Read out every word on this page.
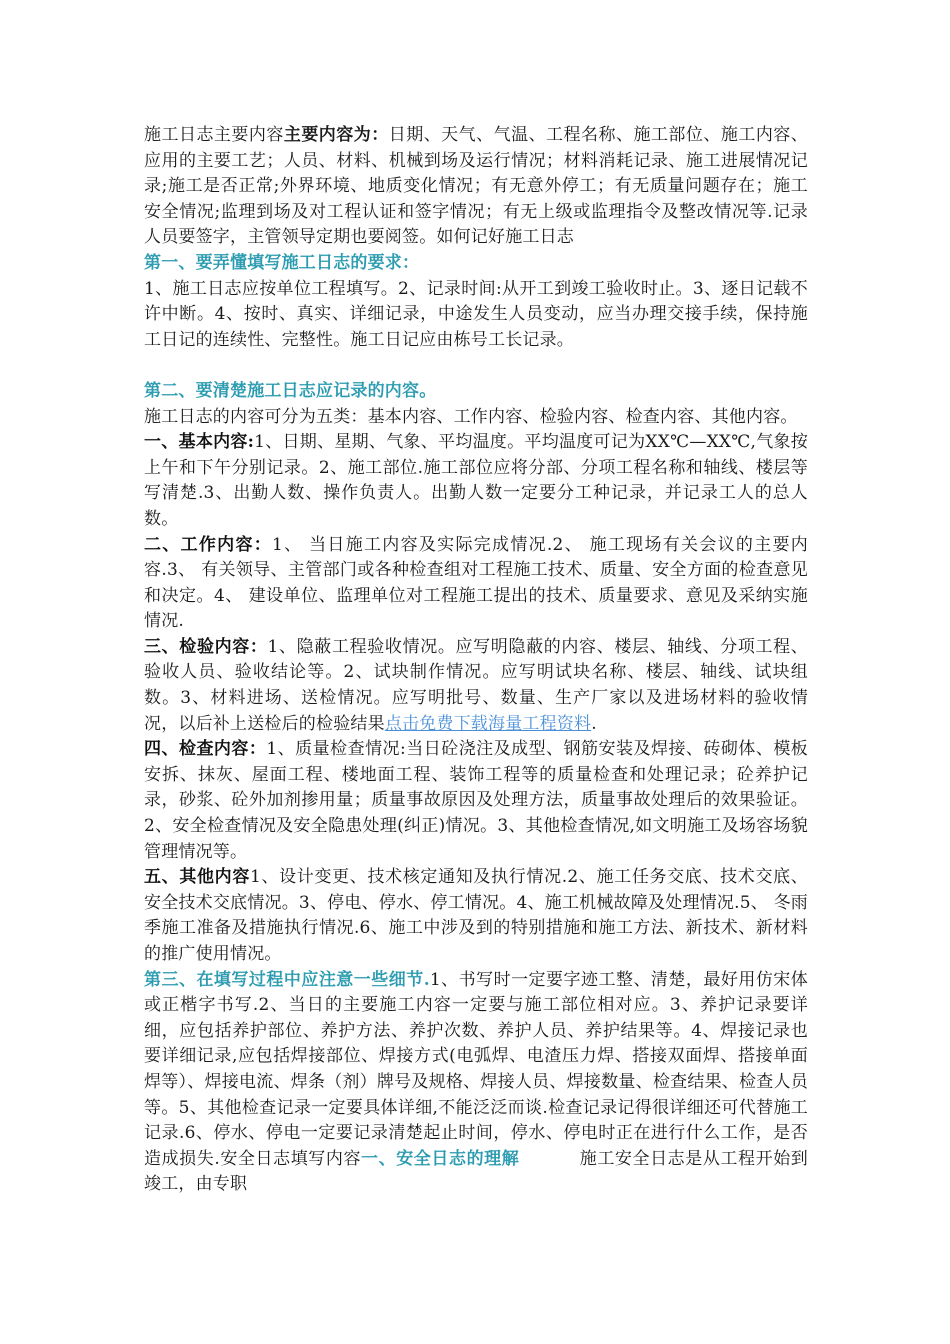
施工日志主要内容主要内容为：日期、天气、气温、工程名称、施工部位、施工内容、应用的主要工艺；人员、材料、机械到场及运行情况；材料消耗记录、施工进展情况记录;施工是否正常;外界环境、地质变化情况；有无意外停工；有无质量问题存在；施工安全情况;监理到场及对工程认证和签字情况；有无上级或监理指令及整改情况等.记录人员要签字，主管领导定期也要阅签。如何记好施工日志

第一、要弄懂填写施工日志的要求：

1、施工日志应按单位工程填写。2、记录时间:从开工到竣工验收时止。3、逐日记载不许中断。4、按时、真实、详细记录，中途发生人员变动，应当办理交接手续，保持施工日记的连续性、完整性。施工日记应由栋号工长记录。

第二、要清楚施工日志应记录的内容。

施工日志的内容可分为五类：基本内容、工作内容、检验内容、检查内容、其他内容。

一、基本内容:1、日期、星期、气象、平均温度。平均温度可记为XX℃—XX℃,气象按上午和下午分别记录。2、施工部位.施工部位应将分部、分项工程名称和轴线、楼层等写清楚.3、出勤人数、操作负责人。出勤人数一定要分工种记录，并记录工人的总人数。

二、工作内容：1、 当日施工内容及实际完成情况.2、 施工现场有关会议的主要内容.3、 有关领导、主管部门或各种检查组对工程施工技术、质量、安全方面的检查意见和决定。4、 建设单位、监理单位对工程施工提出的技术、质量要求、意见及采纳实施情况.

三、检验内容：1、隐蔽工程验收情况。应写明隐蔽的内容、楼层、轴线、分项工程、验收人员、验收结论等。2、试块制作情况。应写明试块名称、楼层、轴线、试块组数。3、材料进场、送检情况。应写明批号、数量、生产厂家以及进场材料的验收情况，以后补上送检后的检验结果点击免费下载海量工程资料.

四、检查内容：1、质量检查情况:当日砼浇注及成型、钢筋安装及焊接、砖砌体、模板安拆、抹灰、屋面工程、楼地面工程、装饰工程等的质量检查和处理记录；砼养护记录，砂浆、砼外加剂掺用量；质量事故原因及处理方法，质量事故处理后的效果验证。2、安全检查情况及安全隐患处理(纠正)情况。3、其他检查情况,如文明施工及场容场貌管理情况等。

五、其他内容1、设计变更、技术核定通知及执行情况.2、施工任务交底、技术交底、安全技术交底情况。3、停电、停水、停工情况。4、施工机械故障及处理情况.5、 冬雨季施工准备及措施执行情况.6、施工中涉及到的特别措施和施工方法、新技术、新材料的推广使用情况。

第三、在填写过程中应注意一些细节.1、书写时一定要字迹工整、清楚，最好用仿宋体或正楷字书写.2、当日的主要施工内容一定要与施工部位相对应。3、养护记录要详细，应包括养护部位、养护方法、养护次数、养护人员、养护结果等。4、焊接记录也要详细记录,应包括焊接部位、焊接方式(电弧焊、电渣压力焊、搭接双面焊、搭接单面焊等）、焊接电流、焊条（剂）牌号及规格、焊接人员、焊接数量、检查结果、检查人员等。5、其他检查记录一定要具体详细,不能泛泛而谈.检查记录记得很详细还可代替施工记录.6、停水、停电一定要记录清楚起止时间，停水、停电时正在进行什么工作，是否造成损失.安全日志填写内容一、安全日志的理解	施工安全日志是从工程开始到竣工，由专职
